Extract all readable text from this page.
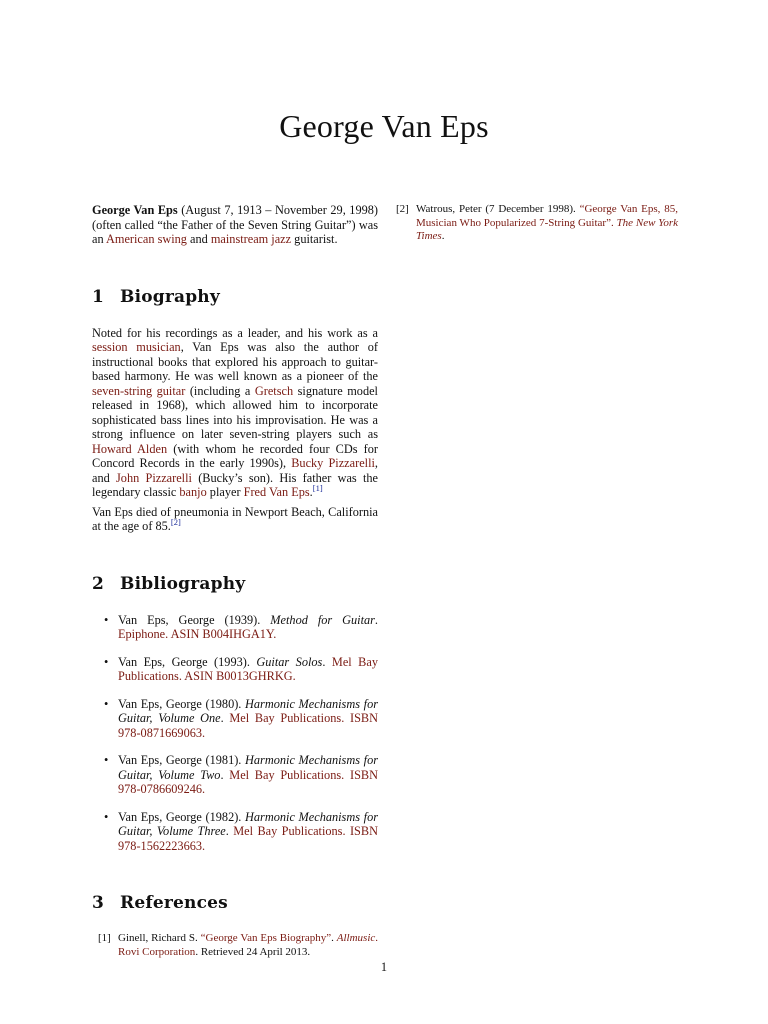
George Van Eps

George Van Eps (August 7, 1913 – November 29, 1998) (often called “the Father of the Seven String Guitar”) was an American swing and mainstream jazz guitarist.

1 Biography

Noted for his recordings as a leader, and his work as a session musician, Van Eps was also the author of instructional books that explored his approach to guitar-based harmony. He was well known as a pioneer of the seven-string guitar (including a Gretsch signature model released in 1968), which allowed him to incorporate sophisticated bass lines into his improvisation. He was a strong influence on later seven-string players such as Howard Alden (with whom he recorded four CDs for Concord Records in the early 1990s), Bucky Pizzarelli, and John Pizzarelli (Bucky’s son). His father was the legendary classic banjo player Fred Van Eps.[1]

Van Eps died of pneumonia in Newport Beach, California at the age of 85.[2]

2 Bibliography
• Van Eps, George (1939). Method for Guitar. Epiphone. ASIN B004IHGA1Y.
• Van Eps, George (1993). Guitar Solos. Mel Bay Publications. ASIN B0013GHRKG.
• Van Eps, George (1980). Harmonic Mechanisms for Guitar, Volume One. Mel Bay Publications. ISBN 978-0871669063.
• Van Eps, George (1981). Harmonic Mechanisms for Guitar, Volume Two. Mel Bay Publications. ISBN 978-0786609246.
• Van Eps, George (1982). Harmonic Mechanisms for Guitar, Volume Three. Mel Bay Publications. ISBN 978-1562223663.
3 References
[1] Ginell, Richard S. “George Van Eps Biography”. Allmusic. Rovi Corporation. Retrieved 24 April 2013.
[2] Watrous, Peter (7 December 1998). “George Van Eps, 85, Musician Who Popularized 7-String Guitar”. The New York Times.
1
